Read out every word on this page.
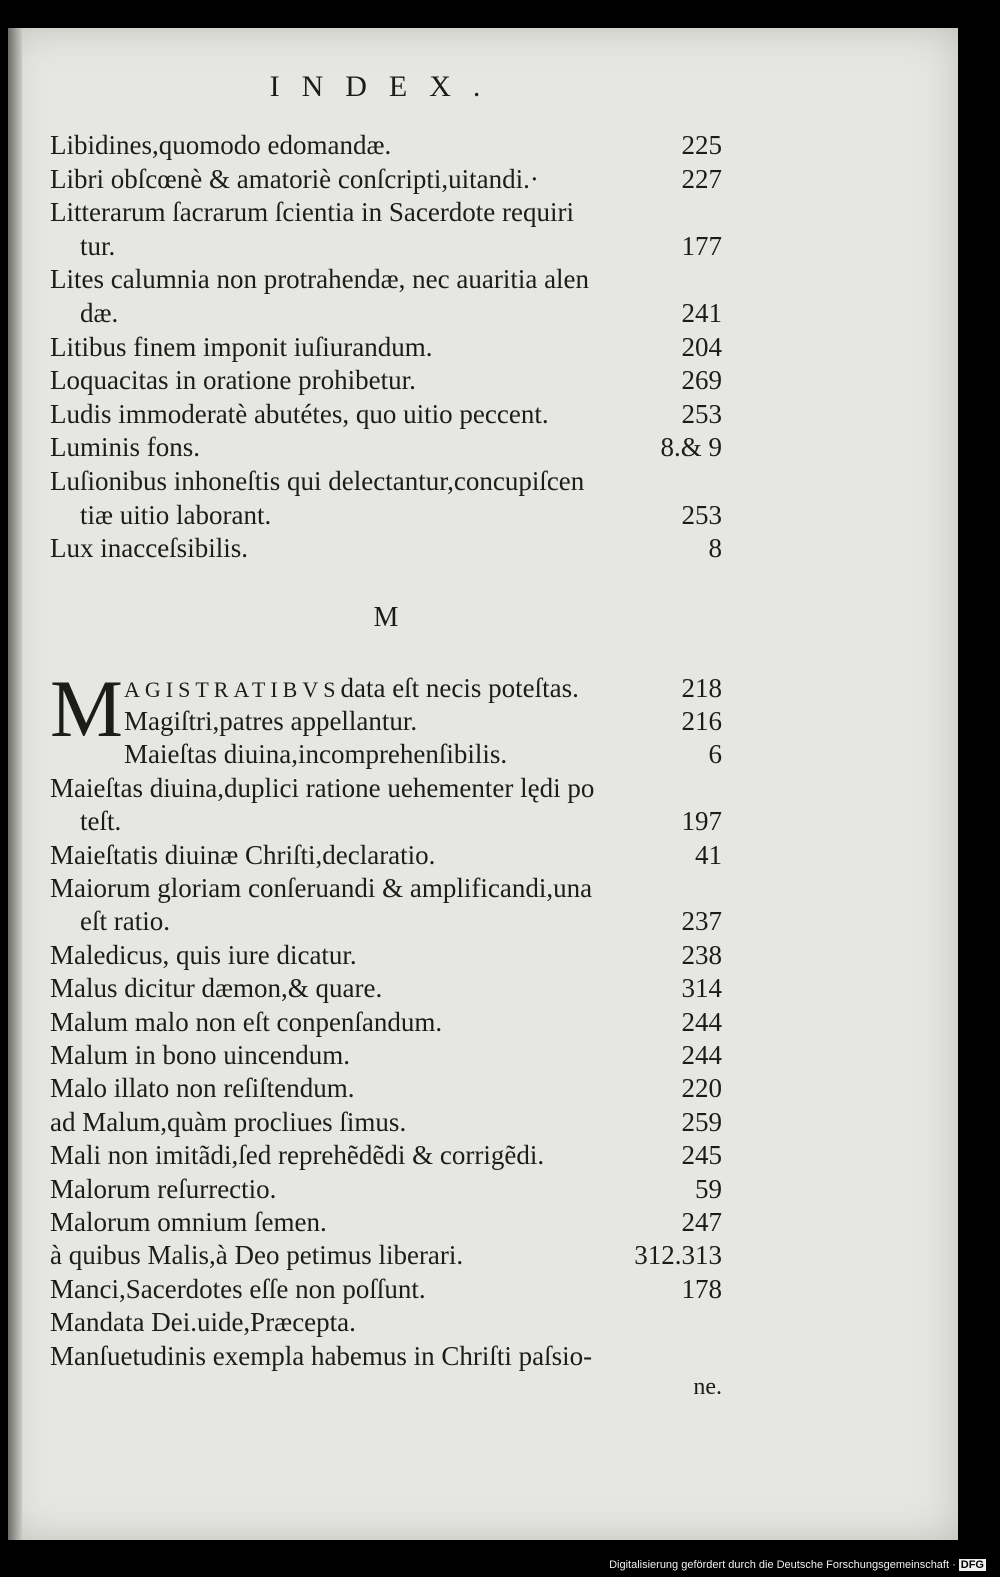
INDEX.
Libidines,quomodo edomandæ.	225
Libri obſcœnè & amatoriè conſcripti,uitandi.·	227
Litterarum ſacrarum ſcientia in Sacerdote requiri
tur.	177
Lites calumnia non protrahendæ, nec auaritia alen
dæ.	241
Litibus finem imponit iuſiurandum.	204
Loquacitas in oratione prohibetur.	269
Ludis immoderatè abutétes, quo uitio peccent.	253
Luminis fons.	8.& 9
Luſionibus inhoneſtis qui delectantur,concupiſcen
tiæ uitio laborant.	253
Lux inacceſsibilis.	8
M
M AGISTRATIBVSdata eſt necis poteſtas.	218
Magiſtri,patres appellantur.	216
Maieſtas diuina,incomprehenſibilis.	6
Maieſtas diuina,duplici ratione uehementer lędi po
teſt.	197
Maieſtatis diuinæ Chriſti,declaratio.	41
Maiorum gloriam conſeruandi & amplificandi,una
eſt ratio.	237
Maledicus, quis iure dicatur.	238
Malus dicitur dæmon,& quare.	314
Malum malo non eſt conpenſandum.	244
Malum in bono uincendum.	244
Malo illato non reſiſtendum.	220
ad Malum,quàm procliues ſimus.	259
Mali non imitãdi,ſed reprehẽdẽdi & corrigẽdi.	245
Malorum reſurrectio.	59
Malorum omnium ſemen.	247
à quibus Malis,à Deo petimus liberari.	312.313
Manci,Sacerdotes eſſe non poſſunt.	178
Mandata Dei.uide,Præcepta.
Manſuetudinis exempla habemus in Chriſti paſsio-
ne.
Digitalisierung gefördert durch die Deutsche Forschungsgemeinschaft · DFG
